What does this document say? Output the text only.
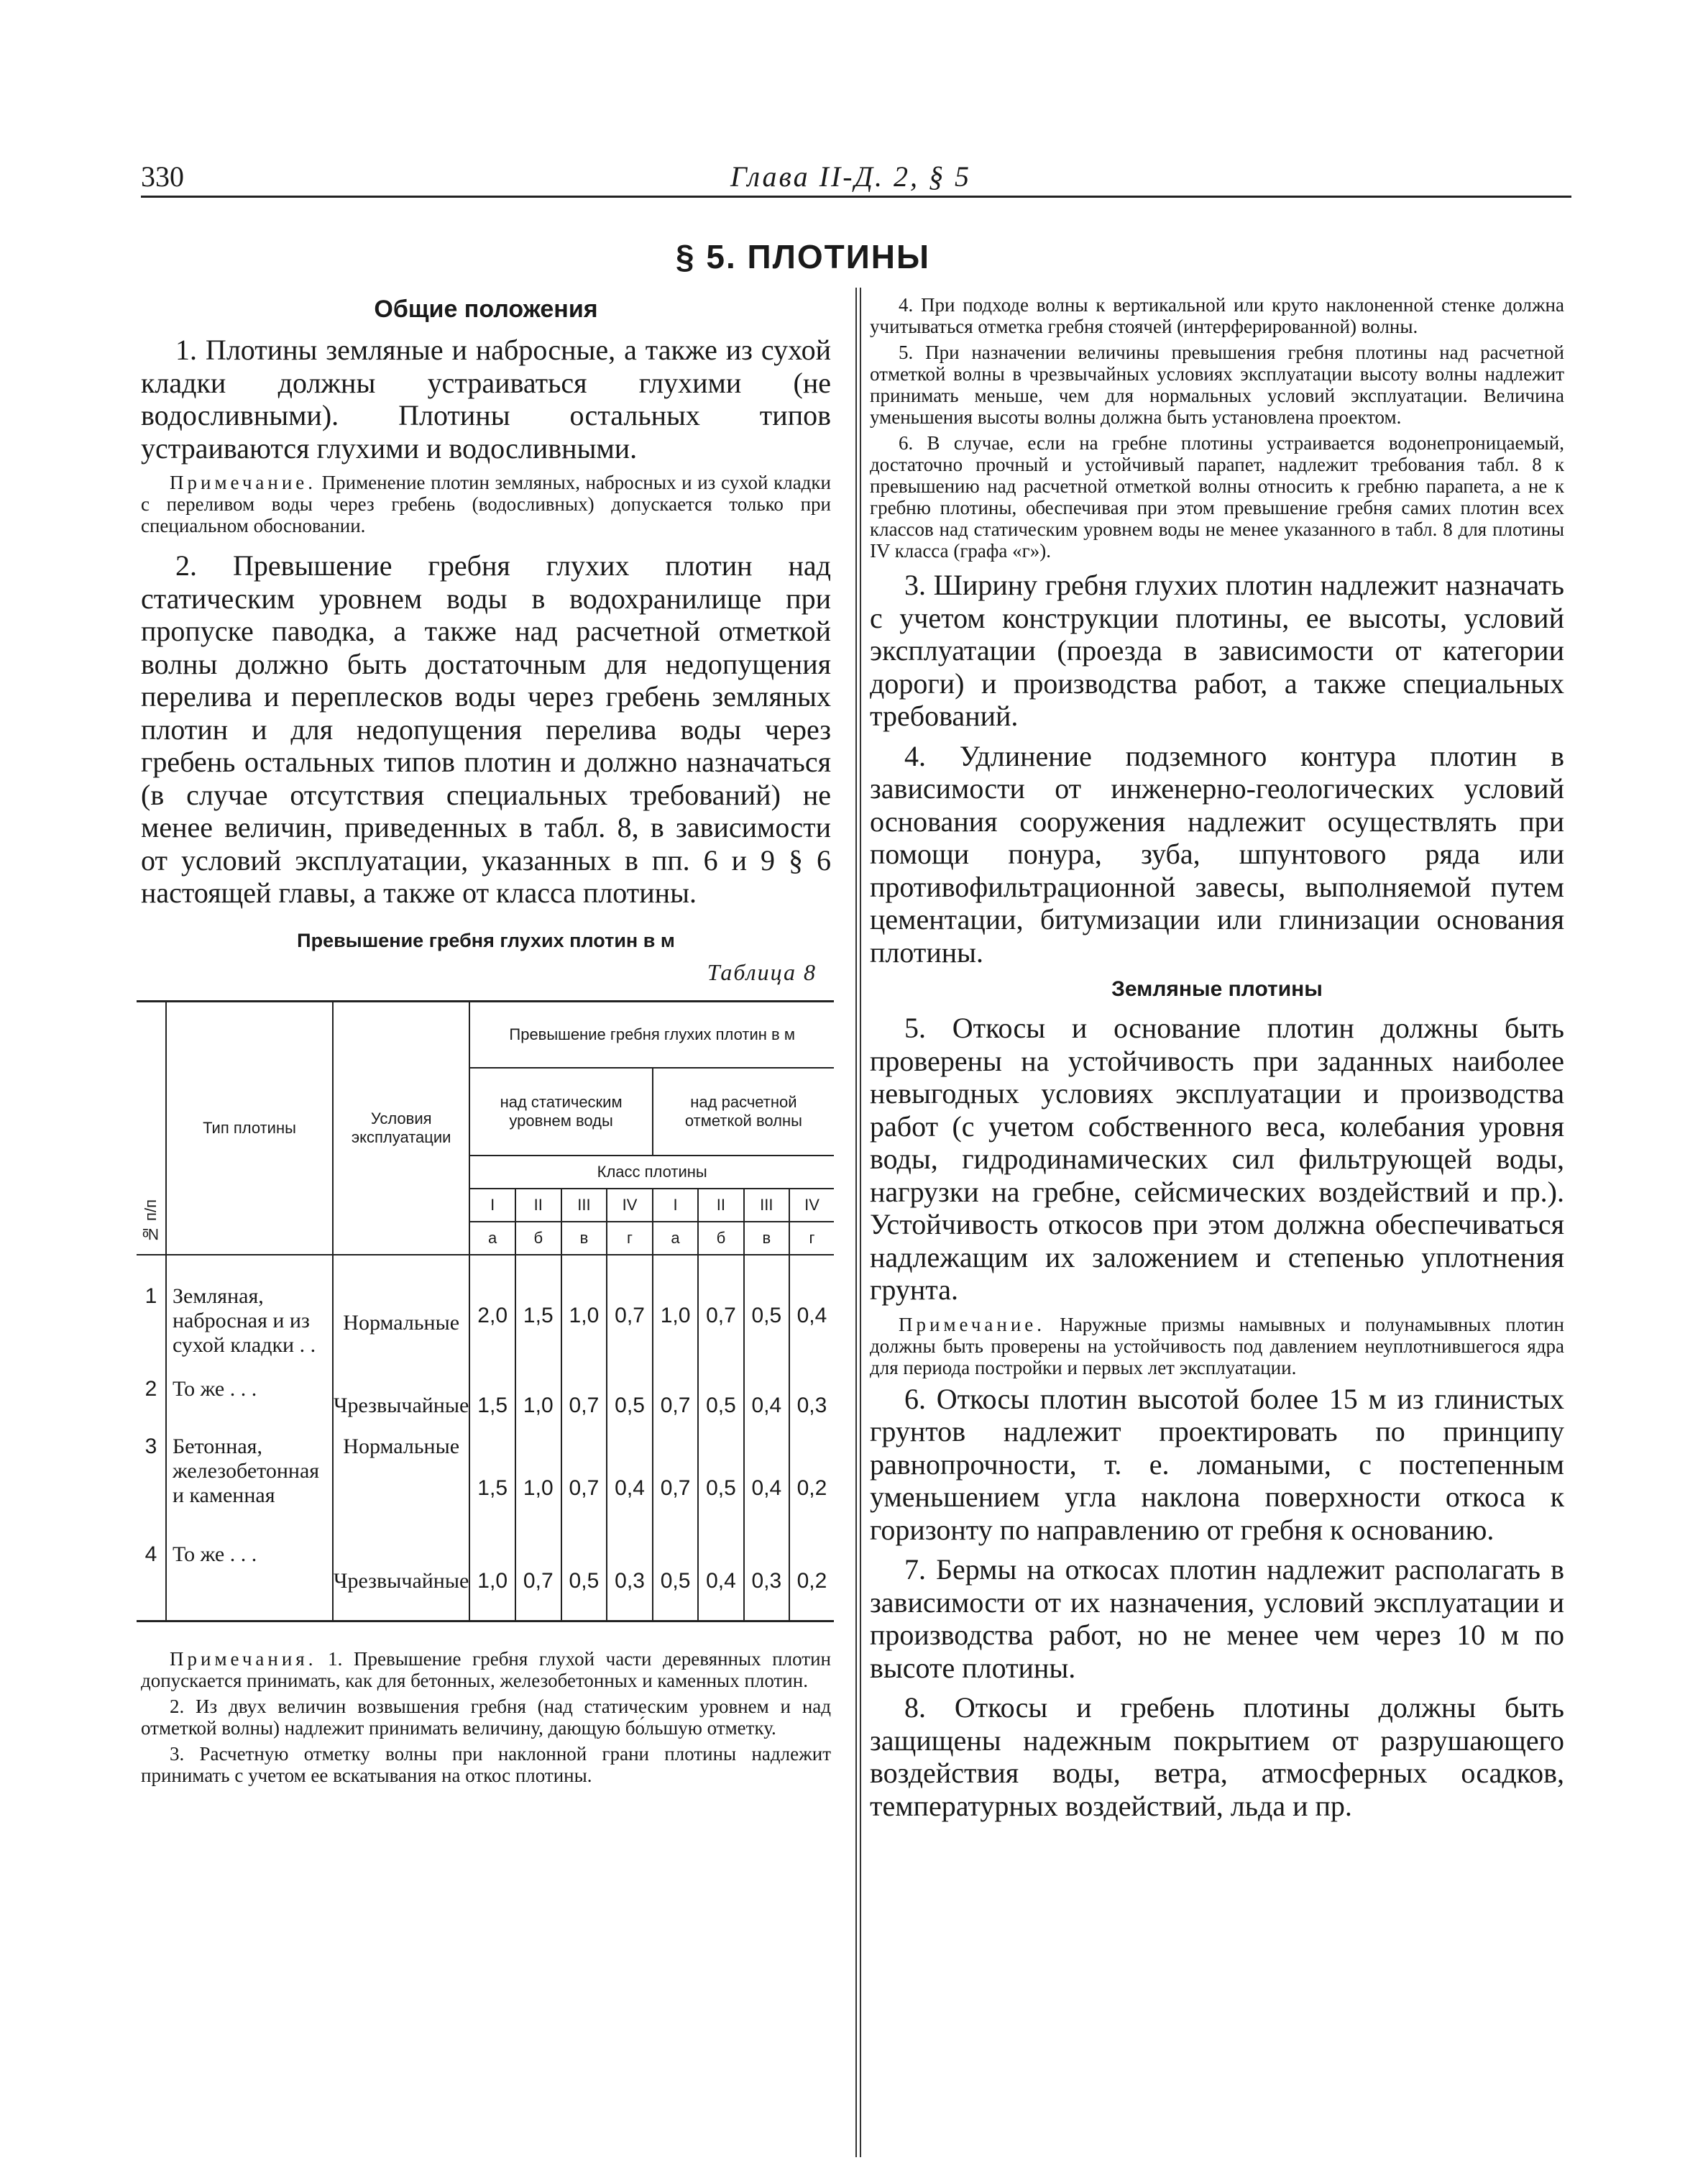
330	Глава II-Д. 2, § 5
§ 5. ПЛОТИНЫ
Общие положения

1. Плотины земляные и набросные, а также из сухой кладки должны устраиваться глухими (не водосливными). Плотины остальных типов устраиваются глухими и водосливными.

Примечание. Применение плотин земляных, набросных и из сухой кладки с переливом воды через гребень (водосливных) допускается только при специальном обосновании.

2. Превышение гребня глухих плотин над статическим уровнем воды в водохранилище при пропуске паводка, а также над расчетной отметкой волны должно быть достаточным для недопущения перелива и переплесков воды через гребень земляных плотин и для недопущения перелива воды через гребень остальных типов плотин и должно назначаться (в случае отсутствия специальных требований) не менее величин, приведенных в табл. 8, в зависимости от условий эксплуатации, указанных в пп. 6 и 9 § 6 настоящей главы, а также от класса плотины.

Превышение гребня глухих плотин в м
Таблица 8
№ п/п	Тип плотины	Условия эксплуатации	Превышение гребня глухих плотин в м							
			над статическим уровнем воды				над расчетной отметкой волны			
			Класс плотины							
			I	II	III	IV	I	II	III	IV
			а	б	в	г	а	б	в	г
1	Земляная, набросная и из сухой кладки . .	Нормальные	2,0	1,5	1,0	0,7	1,0	0,7	0,5	0,4
2	То же . . .	Чрезвычайные	1,5	1,0	0,7	0,5	0,7	0,5	0,4	0,3
3	Бетонная, железобетонная и каменная	Нормальные	1,5	1,0	0,7	0,4	0,7	0,5	0,4	0,2
4	То же . . .	Чрезвычайные	1,0	0,7	0,5	0,3	0,5	0,4	0,3	0,2

Примечания. 1. Превышение гребня глухой части деревянных плотин допускается принимать, как для бетонных, железобетонных и каменных плотин.

2. Из двух величин возвышения гребня (над статическим уровнем и над отметкой волны) надлежит принимать величину, дающую бо́льшую отметку.

3. Расчетную отметку волны при наклонной грани плотины надлежит принимать с учетом ее вскатывания на откос плотины.

4. При подходе волны к вертикальной или круто наклоненной стенке должна учитываться отметка гребня стоячей (интерферированной) волны.

5. При назначении величины превышения гребня плотины над расчетной отметкой волны в чрезвычайных условиях эксплуатации высоту волны надлежит принимать меньше, чем для нормальных условий эксплуатации. Величина уменьшения высоты волны должна быть установлена проектом.

6. В случае, если на гребне плотины устраивается водонепроницаемый, достаточно прочный и устойчивый парапет, надлежит требования табл. 8 к превышению над расчетной отметкой волны относить к гребню парапета, а не к гребню плотины, обеспечивая при этом превышение гребня самих плотин всех классов над статическим уровнем воды не менее указанного в табл. 8 для плотины IV класса (графа «г»).

3. Ширину гребня глухих плотин надлежит назначать с учетом конструкции плотины, ее высоты, условий эксплуатации (проезда в зависимости от категории дороги) и производства работ, а также специальных требований.

4. Удлинение подземного контура плотин в зависимости от инженерно-геологических условий основания сооружения надлежит осуществлять при помощи понура, зуба, шпунтового ряда или противофильтрационной завесы, выполняемой путем цементации, битумизации или глинизации основания плотины.

Земляные плотины

5. Откосы и основание плотин должны быть проверены на устойчивость при заданных наиболее невыгодных условиях эксплуатации и производства работ (с учетом собственного веса, колебания уровня воды, гидродинамических сил фильтрующей воды, нагрузки на гребне, сейсмических воздействий и пр.). Устойчивость откосов при этом должна обеспечиваться надлежащим их заложением и степенью уплотнения грунта.

Примечание. Наружные призмы намывных и полунамывных плотин должны быть проверены на устойчивость под давлением неуплотнившегося ядра для периода постройки и первых лет эксплуатации.

6. Откосы плотин высотой более 15 м из глинистых грунтов надлежит проектировать по принципу равнопрочности, т. е. ломаными, с постепенным уменьшением угла наклона поверхности откоса к горизонту по направлению от гребня к основанию.

7. Бермы на откосах плотин надлежит располагать в зависимости от их назначения, условий эксплуатации и производства работ, но не менее чем через 10 м по высоте плотины.

8. Откосы и гребень плотины должны быть защищены надежным покрытием от разрушающего воздействия воды, ветра, атмосферных осадков, температурных воздействий, льда и пр.
